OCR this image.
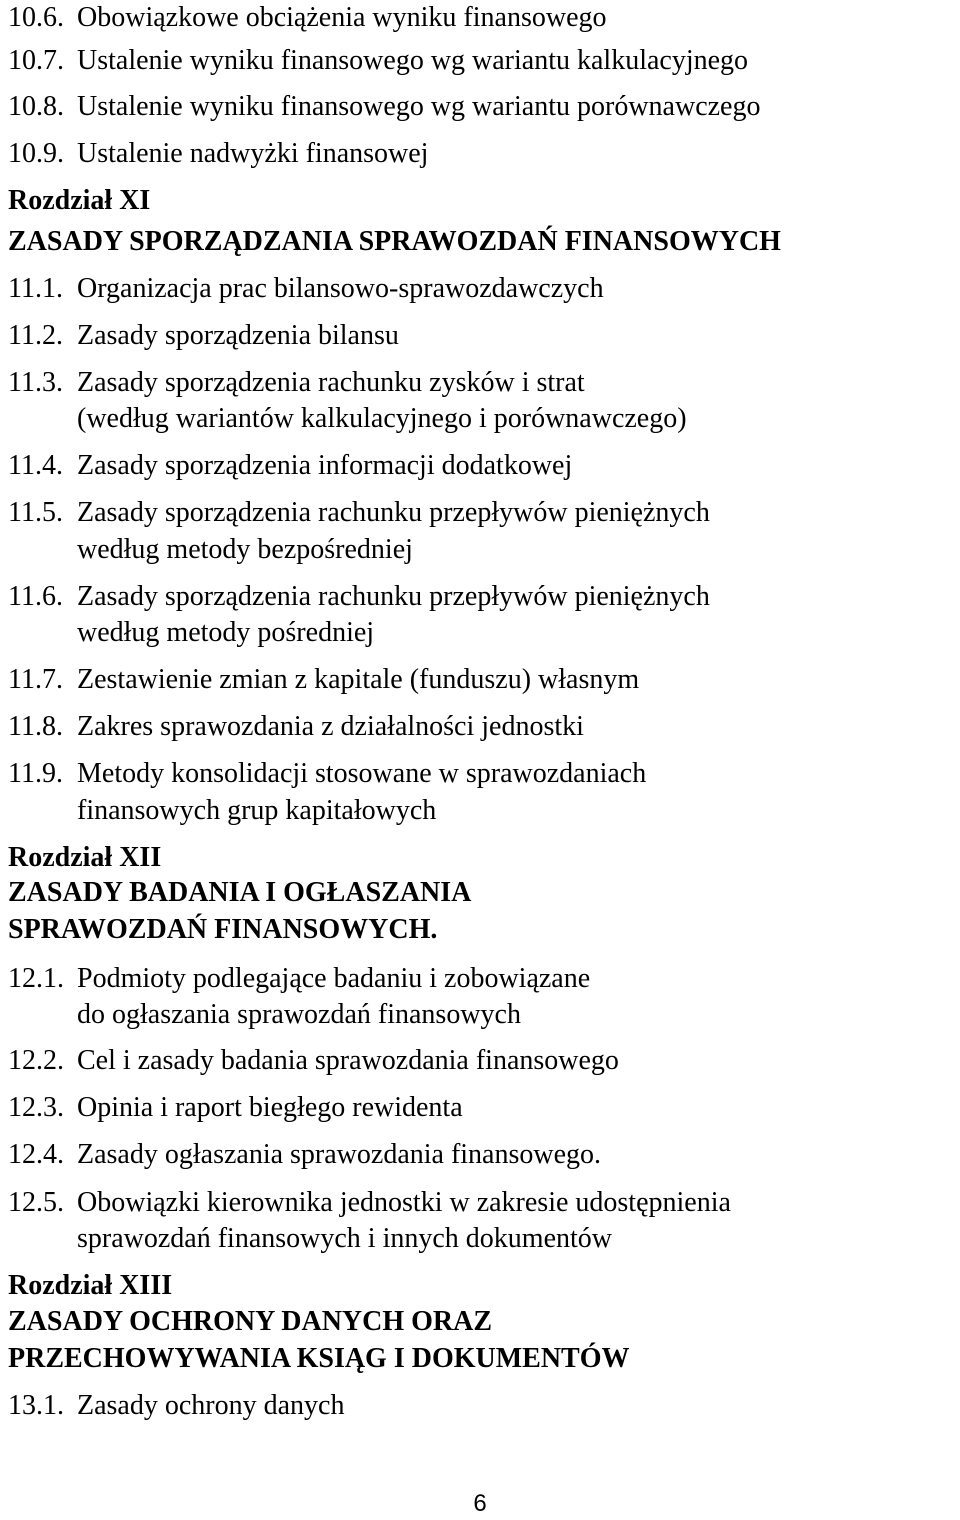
10.6. Obowiązkowe obciążenia wyniku finansowego
10.7. Ustalenie wyniku finansowego wg wariantu kalkulacyjnego
10.8. Ustalenie wyniku finansowego wg wariantu porównawczego
10.9. Ustalenie nadwyżki finansowej
Rozdział XI
ZASADY SPORZĄDZANIA SPRAWOZDAŃ FINANSOWYCH
11.1. Organizacja prac bilansowo-sprawozdawczych
11.2. Zasady sporządzenia bilansu
11.3. Zasady sporządzenia rachunku zysków i strat
(według wariantów kalkulacyjnego i porównawczego)
11.4. Zasady sporządzenia informacji dodatkowej
11.5. Zasady sporządzenia rachunku przepływów pieniężnych
według metody bezpośredniej
11.6. Zasady sporządzenia rachunku przepływów pieniężnych
według metody pośredniej
11.7. Zestawienie zmian z kapitale (funduszu) własnym
11.8. Zakres sprawozdania z działalności jednostki
11.9. Metody konsolidacji stosowane w sprawozdaniach
finansowych grup kapitałowych
Rozdział XII
ZASADY BADANIA I OGŁASZANIA
SPRAWOZDAŃ FINANSOWYCH.
12.1. Podmioty podlegające badaniu i zobowiązane
do ogłaszania sprawozdań finansowych
12.2. Cel i zasady badania sprawozdania finansowego
12.3. Opinia i raport biegłego rewidenta
12.4. Zasady ogłaszania sprawozdania finansowego.
12.5. Obowiązki kierownika jednostki w zakresie udostępnienia
sprawozdań finansowych i innych dokumentów
Rozdział XIII
ZASADY OCHRONY DANYCH ORAZ
PRZECHOWYWANIA KSIĄG I DOKUMENTÓW
13.1. Zasady ochrony danych
6
